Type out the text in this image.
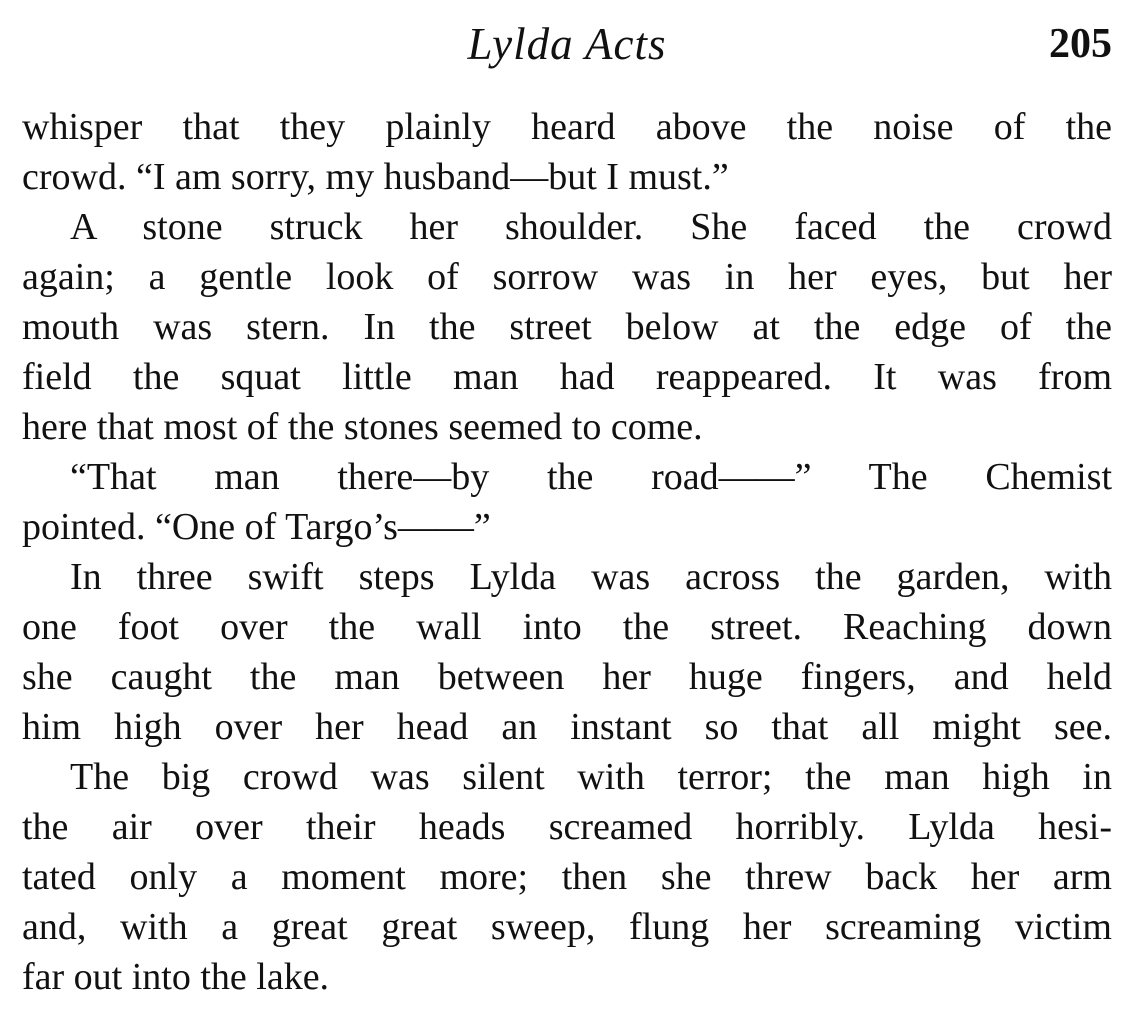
Lylda Acts	205
whisper that they plainly heard above the noise of the
crowd. “I am sorry, my husband—but I must.”
A stone struck her shoulder. She faced the crowd
again; a gentle look of sorrow was in her eyes, but her
mouth was stern. In the street below at the edge of the
field the squat little man had reappeared. It was from
here that most of the stones seemed to come.
“That man there—by the road——” The Chemist
pointed. “One of Targo’s——”
In three swift steps Lylda was across the garden, with
one foot over the wall into the street. Reaching down
she caught the man between her huge fingers, and held
him high over her head an instant so that all might see.
The big crowd was silent with terror; the man high in
the air over their heads screamed horribly. Lylda hesi-
tated only a moment more; then she threw back her arm
and, with a great great sweep, flung her screaming victim
far out into the lake.
